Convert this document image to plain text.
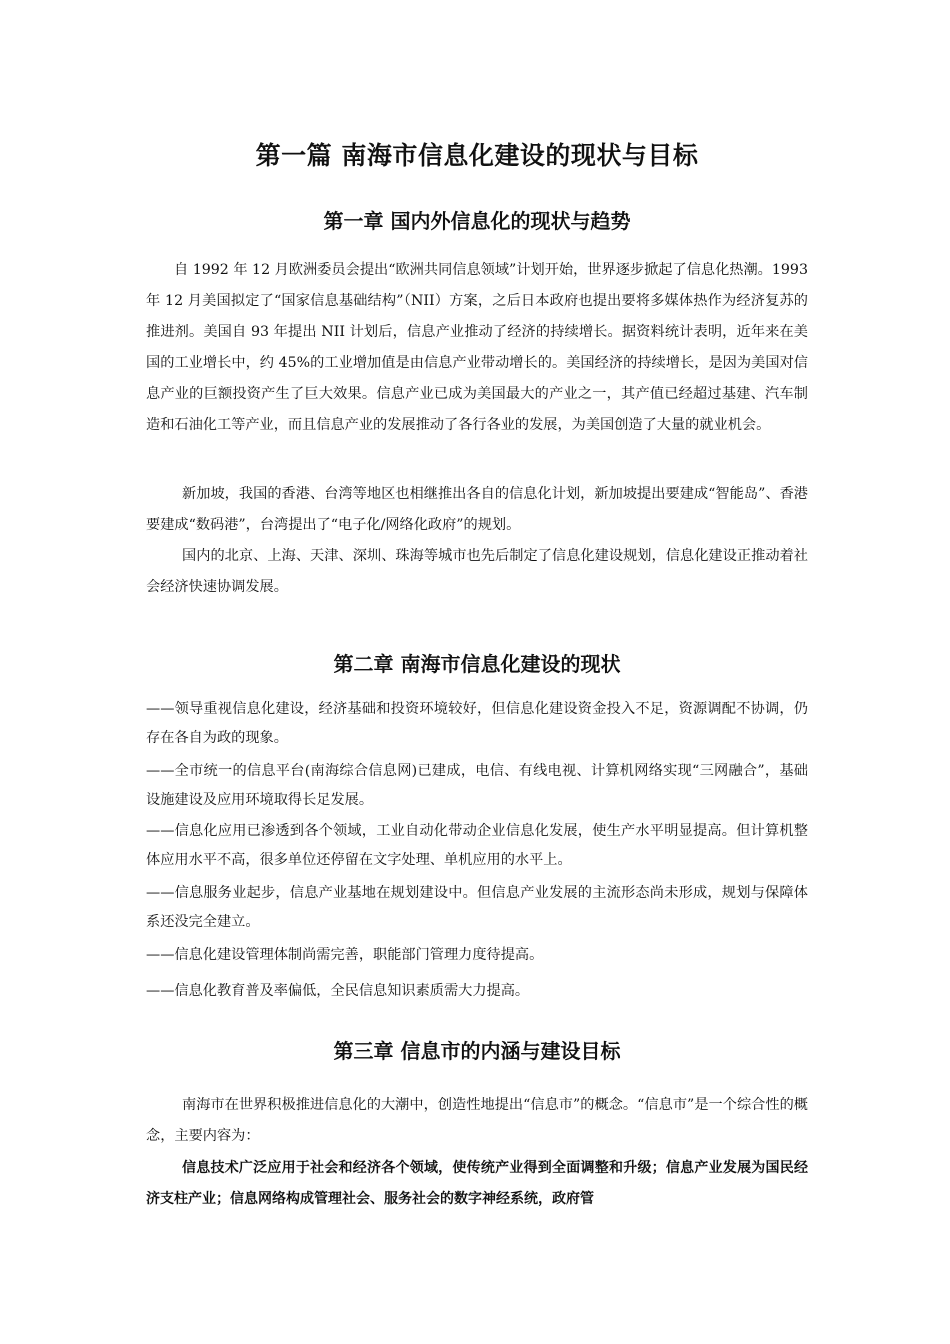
第一篇 南海市信息化建设的现状与目标
第一章 国内外信息化的现状与趋势

自 1992 年 12 月欧洲委员会提出“欧洲共同信息领域”计划开始，世界逐步掀起了信息化热潮。1993 年 12 月美国拟定了“国家信息基础结构”（NII）方案，之后日本政府也提出要将多媒体热作为经济复苏的推进剂。美国自 93 年提出 NII 计划后，信息产业推动了经济的持续增长。据资料统计表明，近年来在美国的工业增长中，约 45%的工业增加值是由信息产业带动增长的。美国经济的持续增长，是因为美国对信息产业的巨额投资产生了巨大效果。信息产业已成为美国最大的产业之一，其产值已经超过基建、汽车制造和石油化工等产业，而且信息产业的发展推动了各行各业的发展，为美国创造了大量的就业机会。

新加坡，我国的香港、台湾等地区也相继推出各自的信息化计划，新加坡提出要建成“智能岛”、香港要建成“数码港”，台湾提出了“电子化/网络化政府”的规划。

国内的北京、上海、天津、深圳、珠海等城市也先后制定了信息化建设规划，信息化建设正推动着社会经济快速协调发展。

第二章 南海市信息化建设的现状

——领导重视信息化建设，经济基础和投资环境较好，但信息化建设资金投入不足，资源调配不协调，仍存在各自为政的现象。

——全市统一的信息平台(南海综合信息网)已建成，电信、有线电视、计算机网络实现“三网融合”，基础设施建设及应用环境取得长足发展。

——信息化应用已渗透到各个领域，工业自动化带动企业信息化发展，使生产水平明显提高。但计算机整体应用水平不高，很多单位还停留在文字处理、单机应用的水平上。

——信息服务业起步，信息产业基地在规划建设中。但信息产业发展的主流形态尚未形成，规划与保障体系还没完全建立。

——信息化建设管理体制尚需完善，职能部门管理力度待提高。

——信息化教育普及率偏低，全民信息知识素质需大力提高。

第三章 信息市的内涵与建设目标

南海市在世界积极推进信息化的大潮中，创造性地提出“信息市”的概念。“信息市”是一个综合性的概念，主要内容为：

信息技术广泛应用于社会和经济各个领域，使传统产业得到全面调整和升级；信息产业发展为国民经济支柱产业；信息网络构成管理社会、服务社会的数字神经系统，政府管
